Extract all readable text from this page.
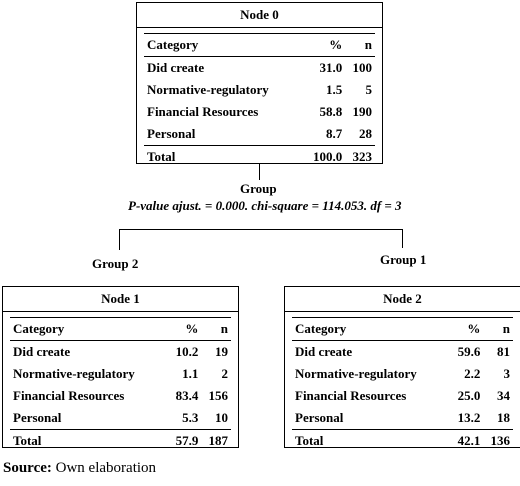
Node 0
Category	%	n
Did create	31.0	100
Normative-regulatory	1.5	5
Financial Resources	58.8	190
Personal	8.7	28
Total	100.0	323
Group
P-value ajust. = 0.000. chi-square = 114.053. df = 3
Group 2	Group 1
Node 1
Category	%	n
Did create	10.2	19
Normative-regulatory	1.1	2
Financial Resources	83.4	156
Personal	5.3	10
Total	57.9	187
Node 2
Category	%	n
Did create	59.6	81
Normative-regulatory	2.2	3
Financial Resources	25.0	34
Personal	13.2	18
Total	42.1	136
Source: Own elaboration
